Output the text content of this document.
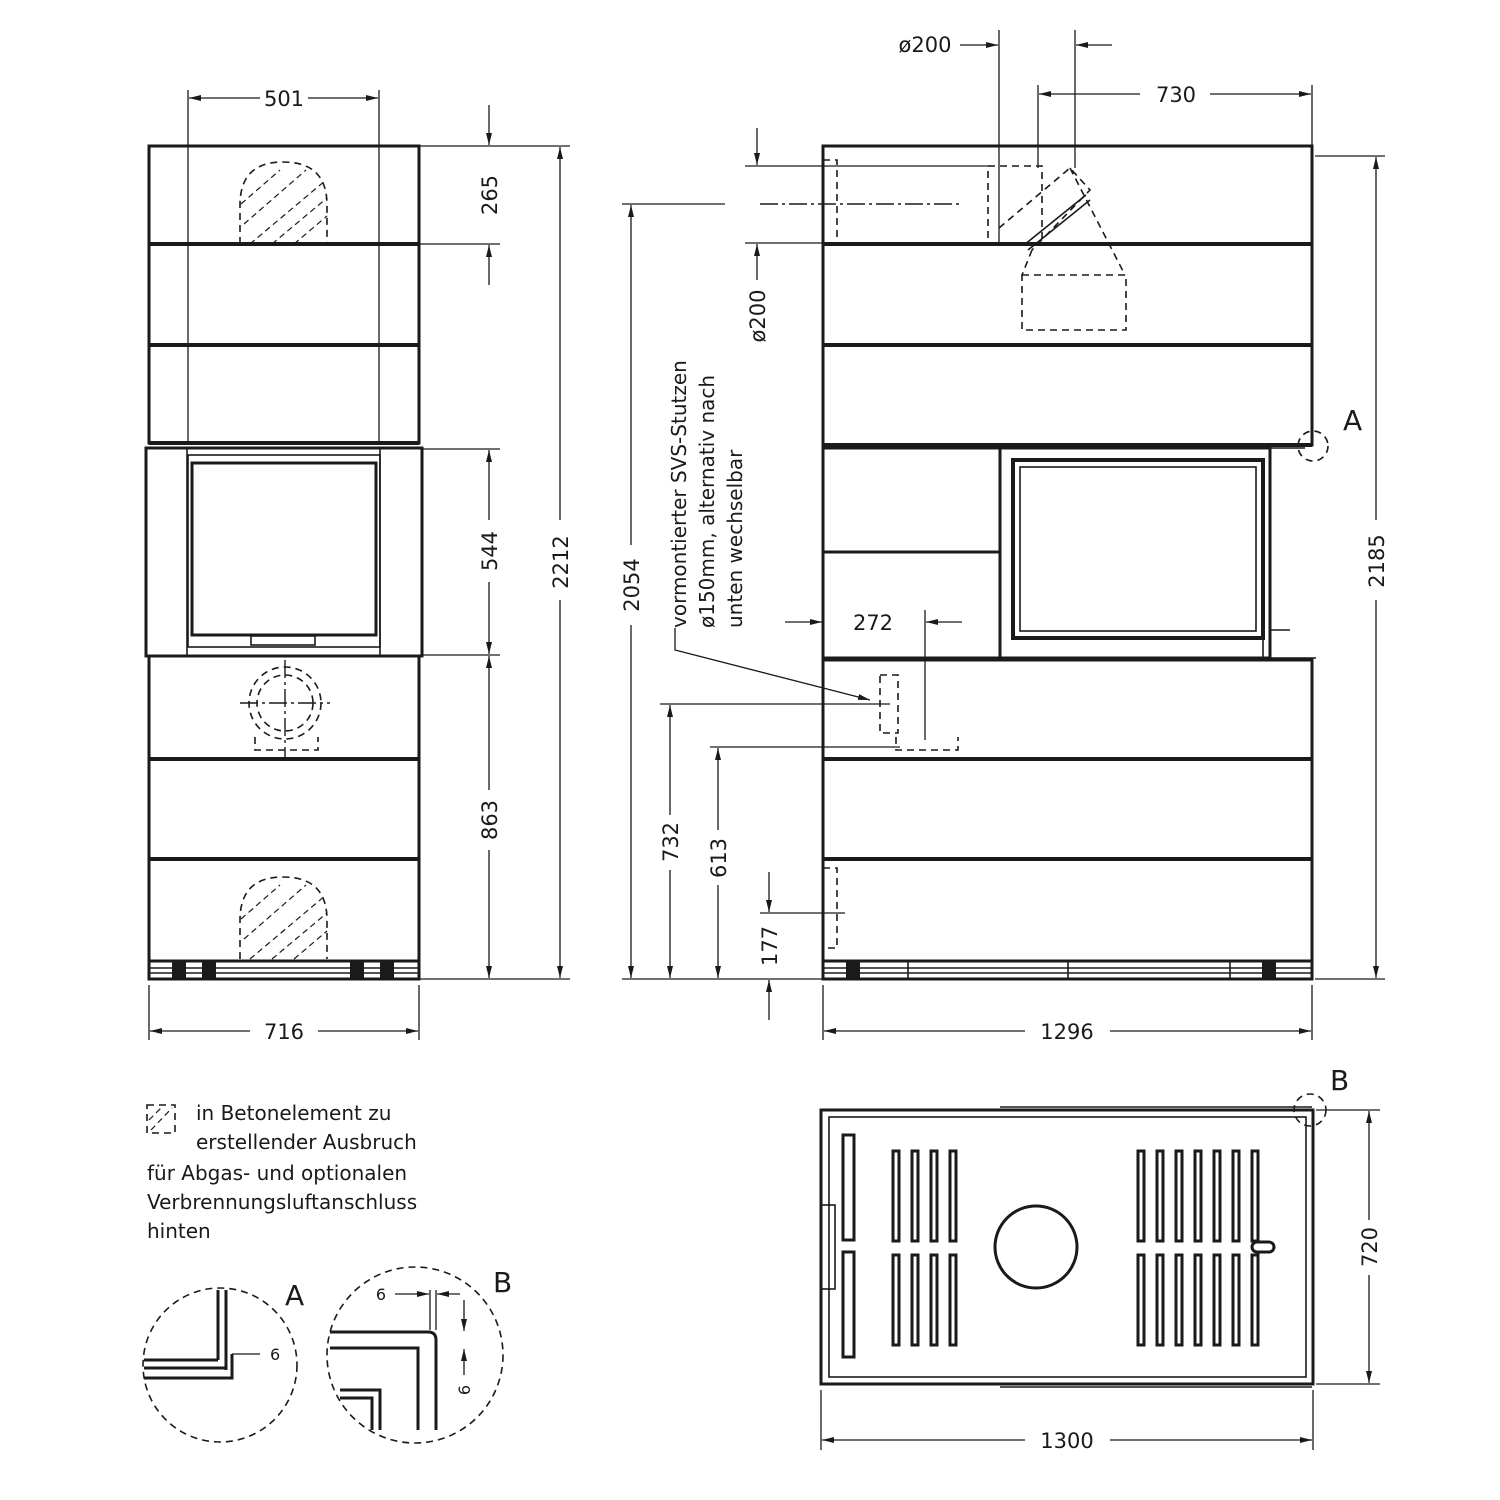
501
265
544
863
2212
716
A
ø200
730
ø200
2054	2185
272
732 613
177
1296
vormontierter SVS-Stutzen ø150mm, alternativ nach unten wechselbar
B
720
1300
in Betonelement zu
erstellender Ausbruch
für Abgas- und optionalen
Verbrennungsluftanschluss
hinten
6
A	6
6
B
